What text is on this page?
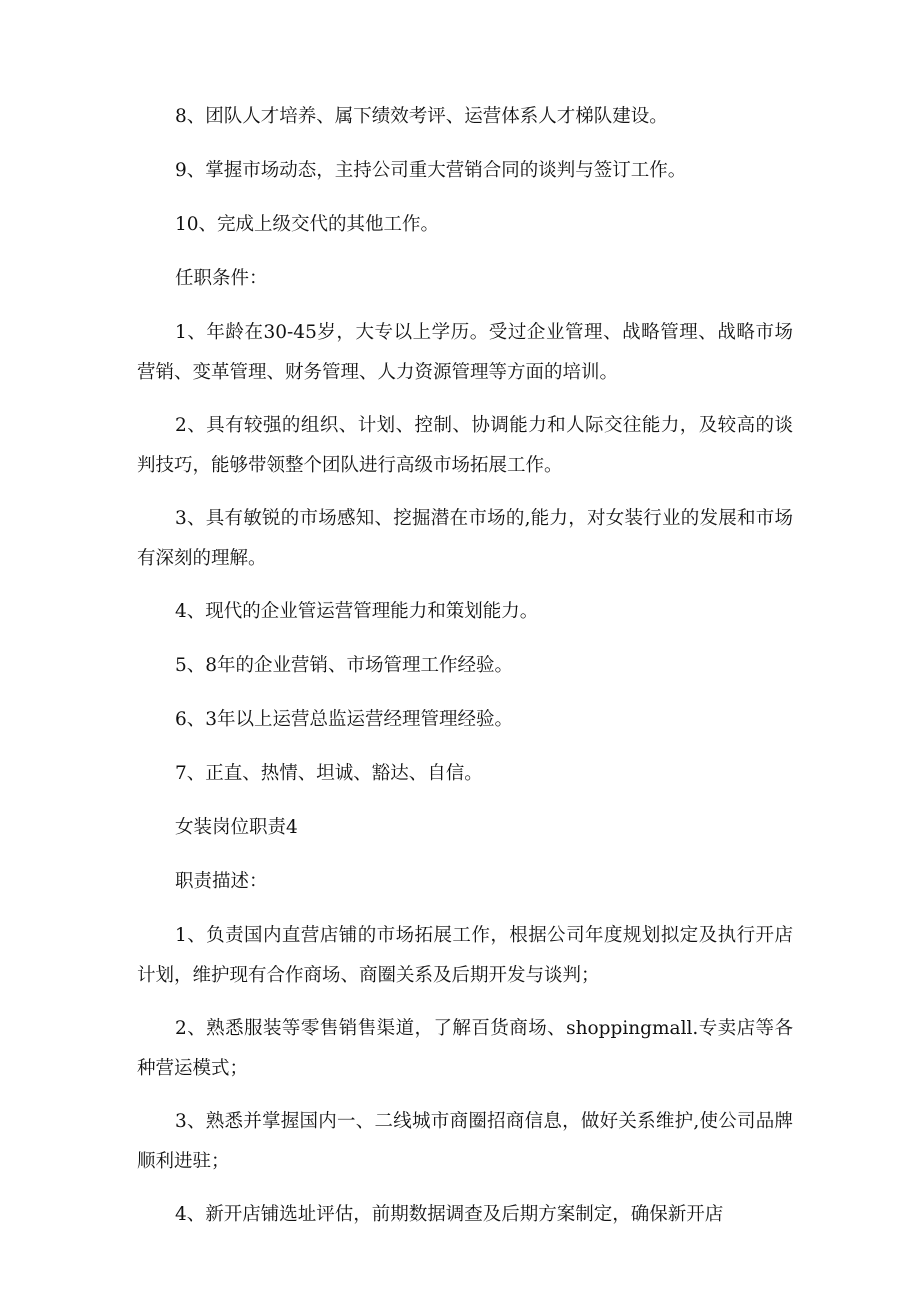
8、团队人才培养、属下绩效考评、运营体系人才梯队建设。

9、掌握市场动态，主持公司重大营销合同的谈判与签订工作。

10、完成上级交代的其他工作。

任职条件：

1、年龄在30-45岁，大专以上学历。受过企业管理、战略管理、战略市场营销、变革管理、财务管理、人力资源管理等方面的培训。

2、具有较强的组织、计划、控制、协调能力和人际交往能力，及较高的谈判技巧，能够带领整个团队进行高级市场拓展工作。

3、具有敏锐的市场感知、挖掘潜在市场的,能力，对女装行业的发展和市场有深刻的理解。

4、现代的企业管运营管理能力和策划能力。

5、8年的企业营销、市场管理工作经验。

6、3年以上运营总监运营经理管理经验。

7、正直、热情、坦诚、豁达、自信。

女装岗位职责4

职责描述：

1、负责国内直营店铺的市场拓展工作，根据公司年度规划拟定及执行开店计划，维护现有合作商场、商圈关系及后期开发与谈判；

2、熟悉服装等零售销售渠道，了解百货商场、shoppingmall.专卖店等各种营运模式；

3、熟悉并掌握国内一、二线城市商圈招商信息，做好关系维护,使公司品牌顺利进驻；

4、新开店铺选址评估，前期数据调查及后期方案制定，确保新开店
